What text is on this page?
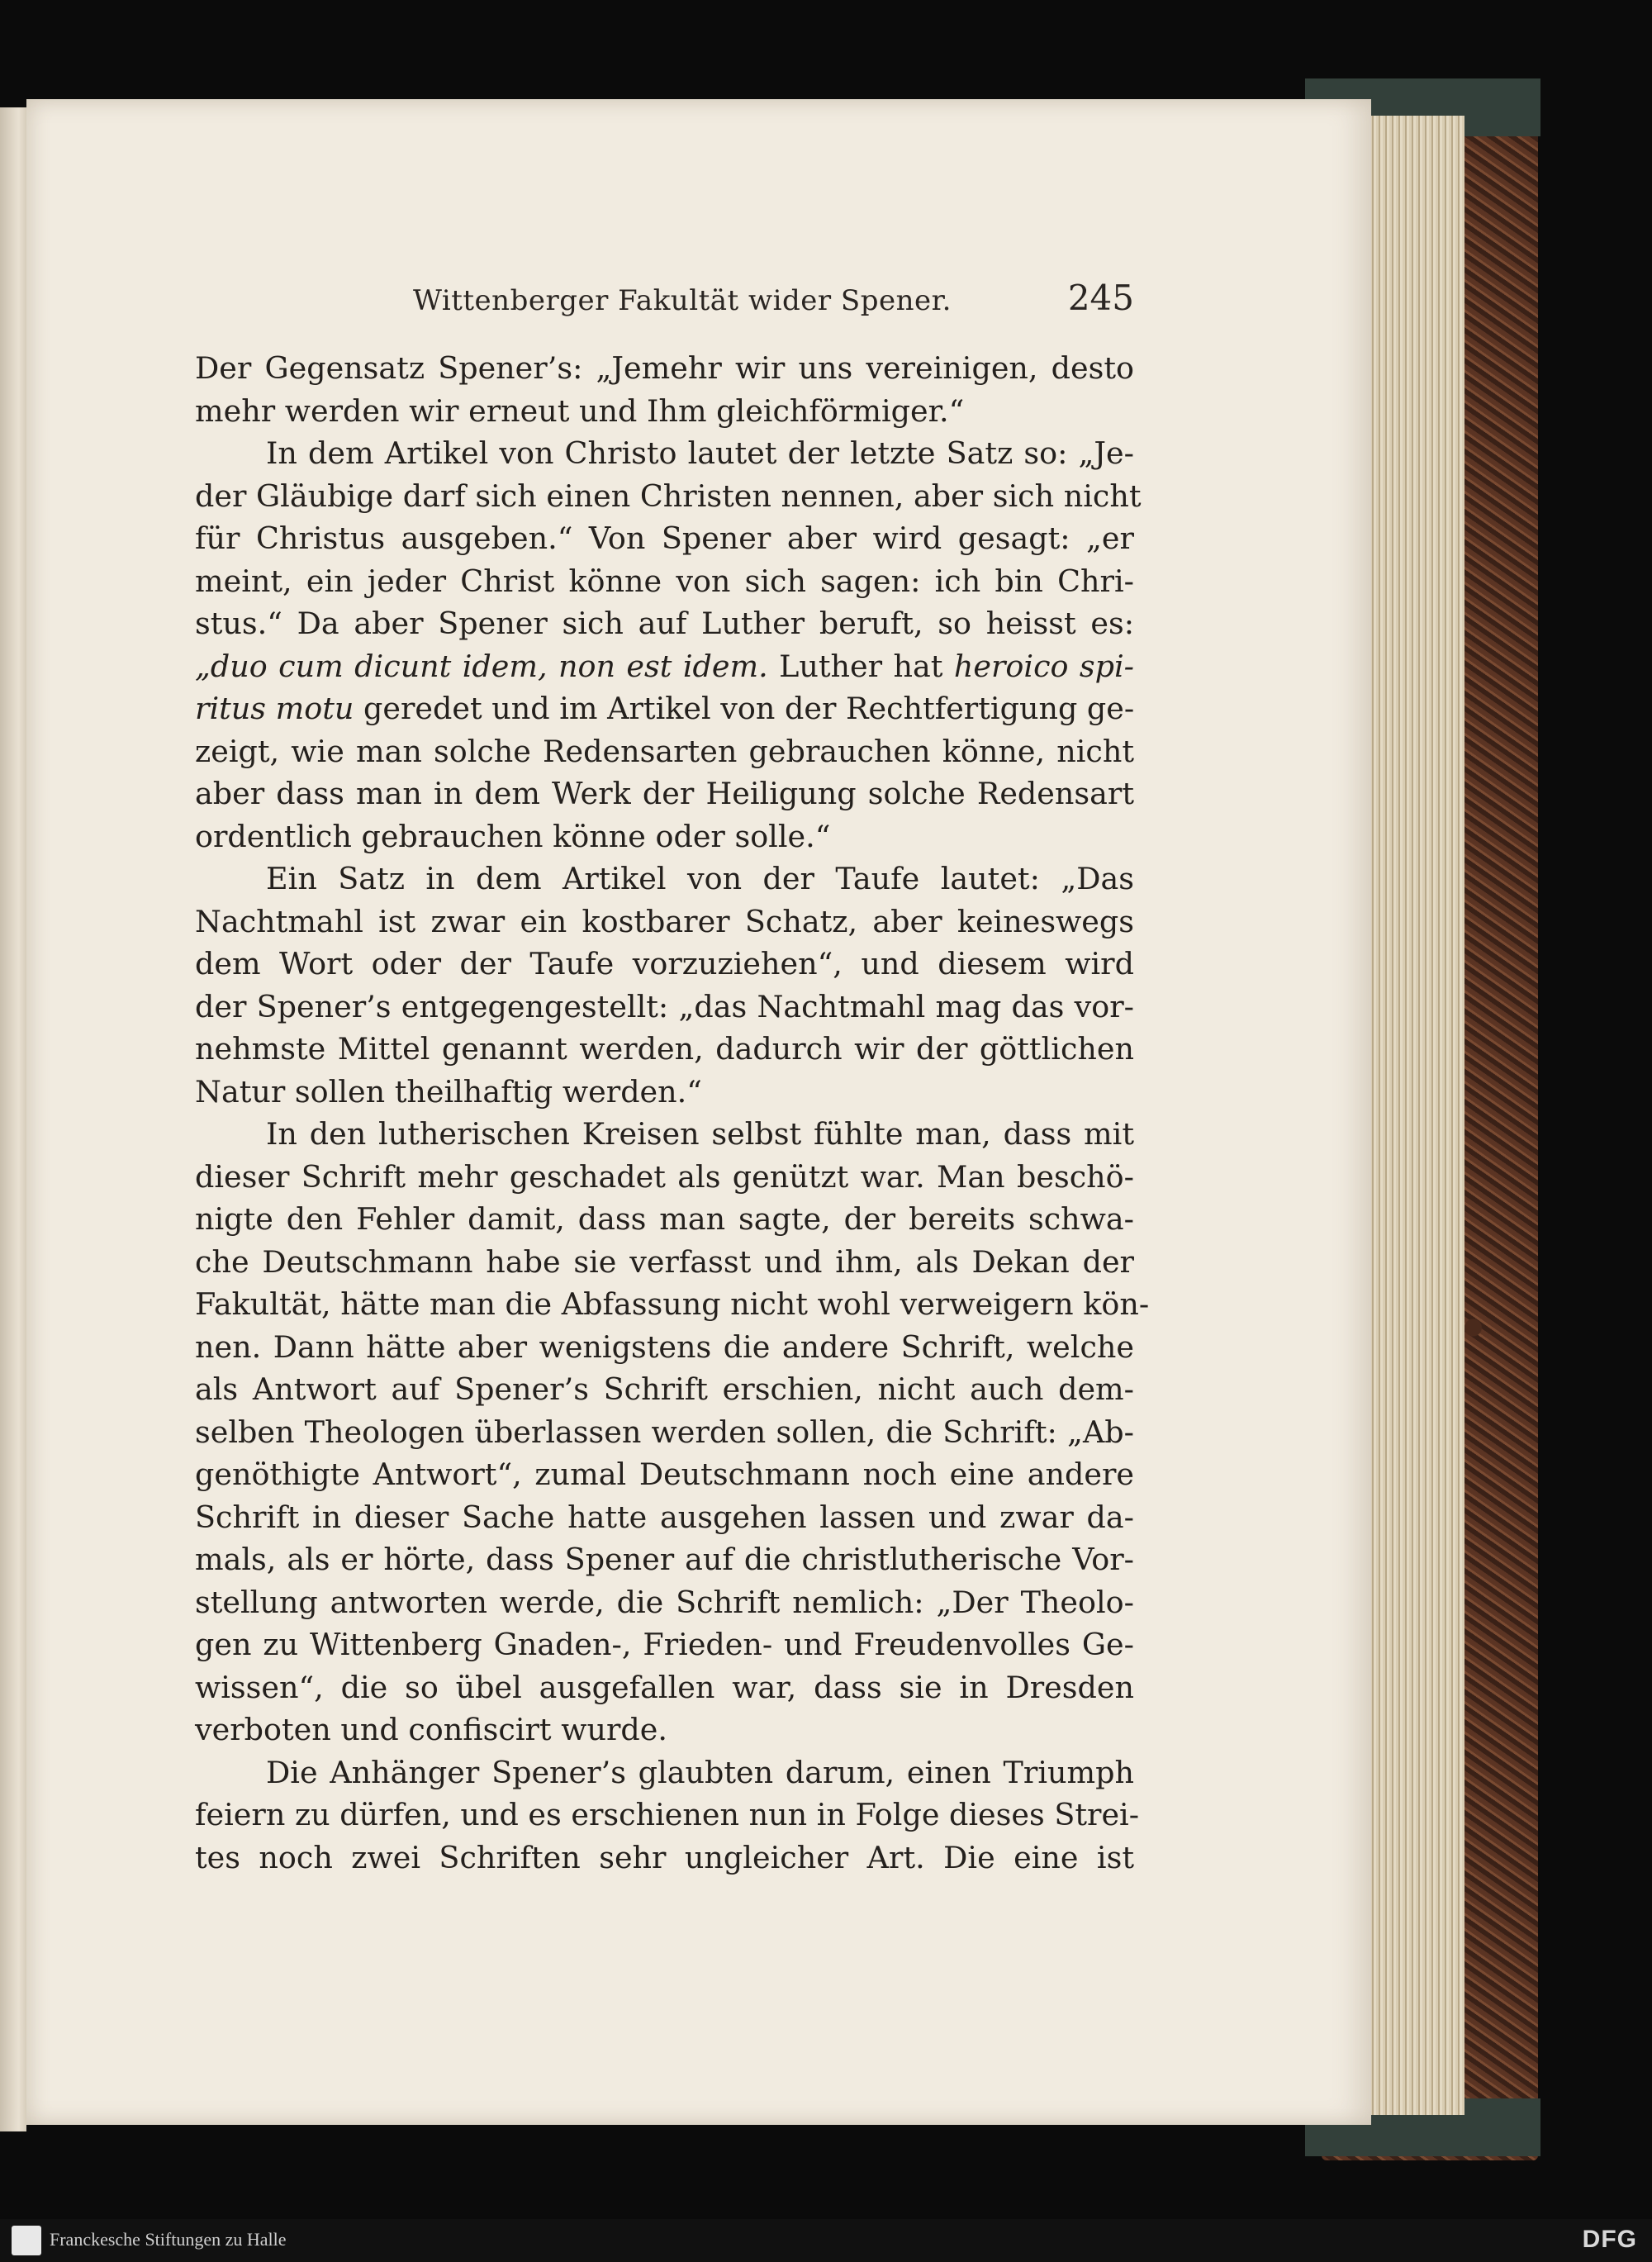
Wittenberger Fakultät wider Spener.	245
Der Gegensatz Spener’s: „Jemehr wir uns vereinigen, desto
mehr werden wir erneut und Ihm gleichförmiger.“
In dem Artikel von Christo lautet der letzte Satz so: „Je-
der Gläubige darf sich einen Christen nennen, aber sich nicht
für Christus ausgeben.“ Von Spener aber wird gesagt: „er
meint, ein jeder Christ könne von sich sagen: ich bin Chri-
stus.“ Da aber Spener sich auf Luther beruft, so heisst es:
„duo cum dicunt idem, non est idem. Luther hat heroico spi-
ritus motu geredet und im Artikel von der Rechtfertigung ge-
zeigt, wie man solche Redensarten gebrauchen könne, nicht
aber dass man in dem Werk der Heiligung solche Redensart
ordentlich gebrauchen könne oder solle.“
Ein Satz in dem Artikel von der Taufe lautet: „Das
Nachtmahl ist zwar ein kostbarer Schatz, aber keineswegs
dem Wort oder der Taufe vorzuziehen“, und diesem wird
der Spener’s entgegengestellt: „das Nachtmahl mag das vor-
nehmste Mittel genannt werden, dadurch wir der göttlichen
Natur sollen theilhaftig werden.“
In den lutherischen Kreisen selbst fühlte man, dass mit
dieser Schrift mehr geschadet als genützt war. Man beschö-
nigte den Fehler damit, dass man sagte, der bereits schwa-
che Deutschmann habe sie verfasst und ihm, als Dekan der
Fakultät, hätte man die Abfassung nicht wohl verweigern kön-
nen. Dann hätte aber wenigstens die andere Schrift, welche
als Antwort auf Spener’s Schrift erschien, nicht auch dem-
selben Theologen überlassen werden sollen, die Schrift: „Ab-
genöthigte Antwort“, zumal Deutschmann noch eine andere
Schrift in dieser Sache hatte ausgehen lassen und zwar da-
mals, als er hörte, dass Spener auf die christlutherische Vor-
stellung antworten werde, die Schrift nemlich: „Der Theolo-
gen zu Wittenberg Gnaden-, Frieden- und Freudenvolles Ge-
wissen“, die so übel ausgefallen war, dass sie in Dresden
verboten und confiscirt wurde.
Die Anhänger Spener’s glaubten darum, einen Triumph
feiern zu dürfen, und es erschienen nun in Folge dieses Strei-
tes noch zwei Schriften sehr ungleicher Art. Die eine ist
Franckesche Stiftungen zu Halle	DFG
